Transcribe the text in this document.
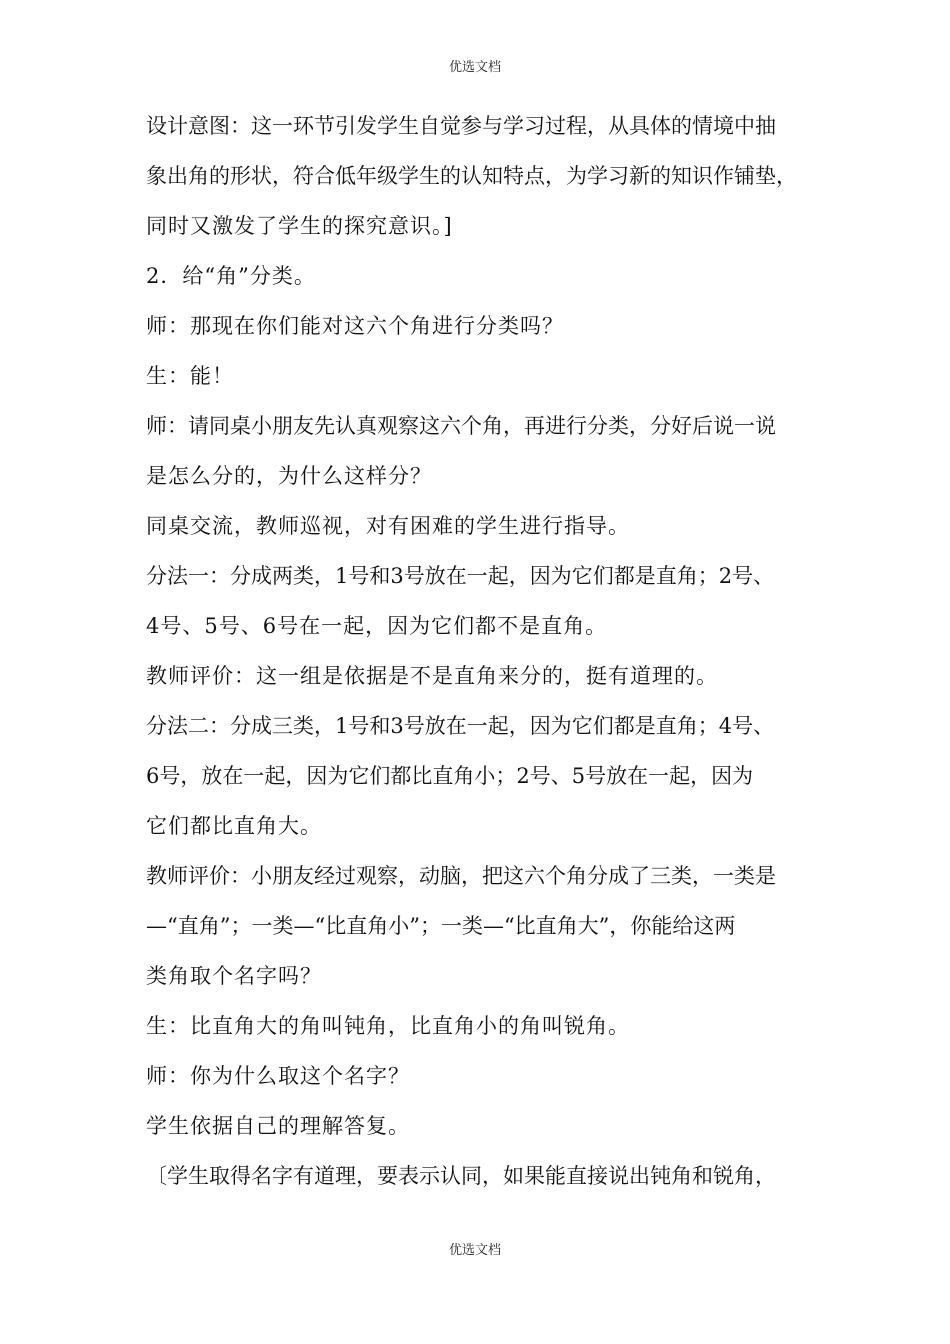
优选文档
设计意图：这一环节引发学生自觉参与学习过程，从具体的情境中抽
象出角的形状，符合低年级学生的认知特点，为学习新的知识作铺垫，
同时又激发了学生的探究意识。]
2．给“角”分类。
师：那现在你们能对这六个角进行分类吗？
生：能！
师：请同桌小朋友先认真观察这六个角，再进行分类，分好后说一说
是怎么分的，为什么这样分？
同桌交流，教师巡视，对有困难的学生进行指导。
分法一：分成两类，1号和3号放在一起，因为它们都是直角；2号、
4号、5号、6号在一起，因为它们都不是直角。
教师评价：这一组是依据是不是直角来分的，挺有道理的。
分法二：分成三类，1号和3号放在一起，因为它们都是直角；4号、
6号，放在一起，因为它们都比直角小；2号、5号放在一起，因为
它们都比直角大。
教师评价：小朋友经过观察，动脑，把这六个角分成了三类，一类是
—“直角”；一类—“比直角小”；一类—“比直角大”，你能给这两
类角取个名字吗？
生：比直角大的角叫钝角，比直角小的角叫锐角。
师：你为什么取这个名字？
学生依据自己的理解答复。
〔学生取得名字有道理，要表示认同，如果能直接说出钝角和锐角，
优选文档
